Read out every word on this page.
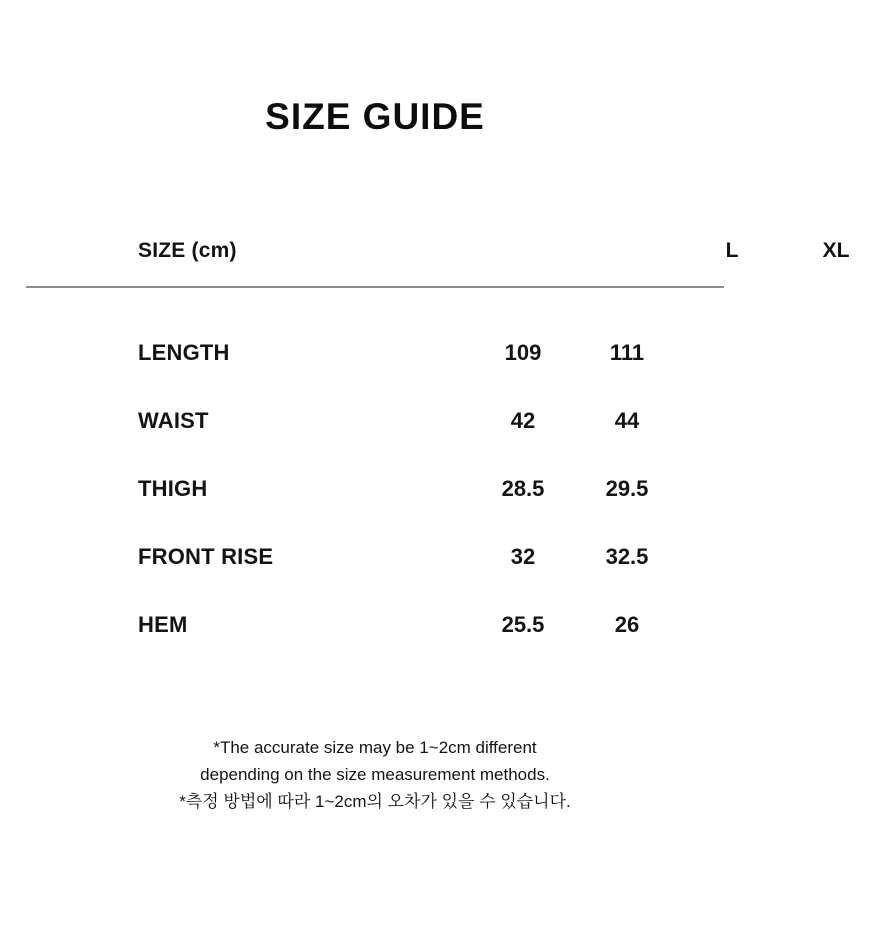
SIZE GUIDE
SIZE (cm)	L	XL
LENGTH	109	111
WAIST	42	44
THIGH	28.5	29.5
FRONT RISE	32	32.5
HEM	25.5	26
*The accurate size may be 1~2cm different
depending on the size measurement methods.
*측정 방법에 따라 1~2cm의 오차가 있을 수 있습니다.
